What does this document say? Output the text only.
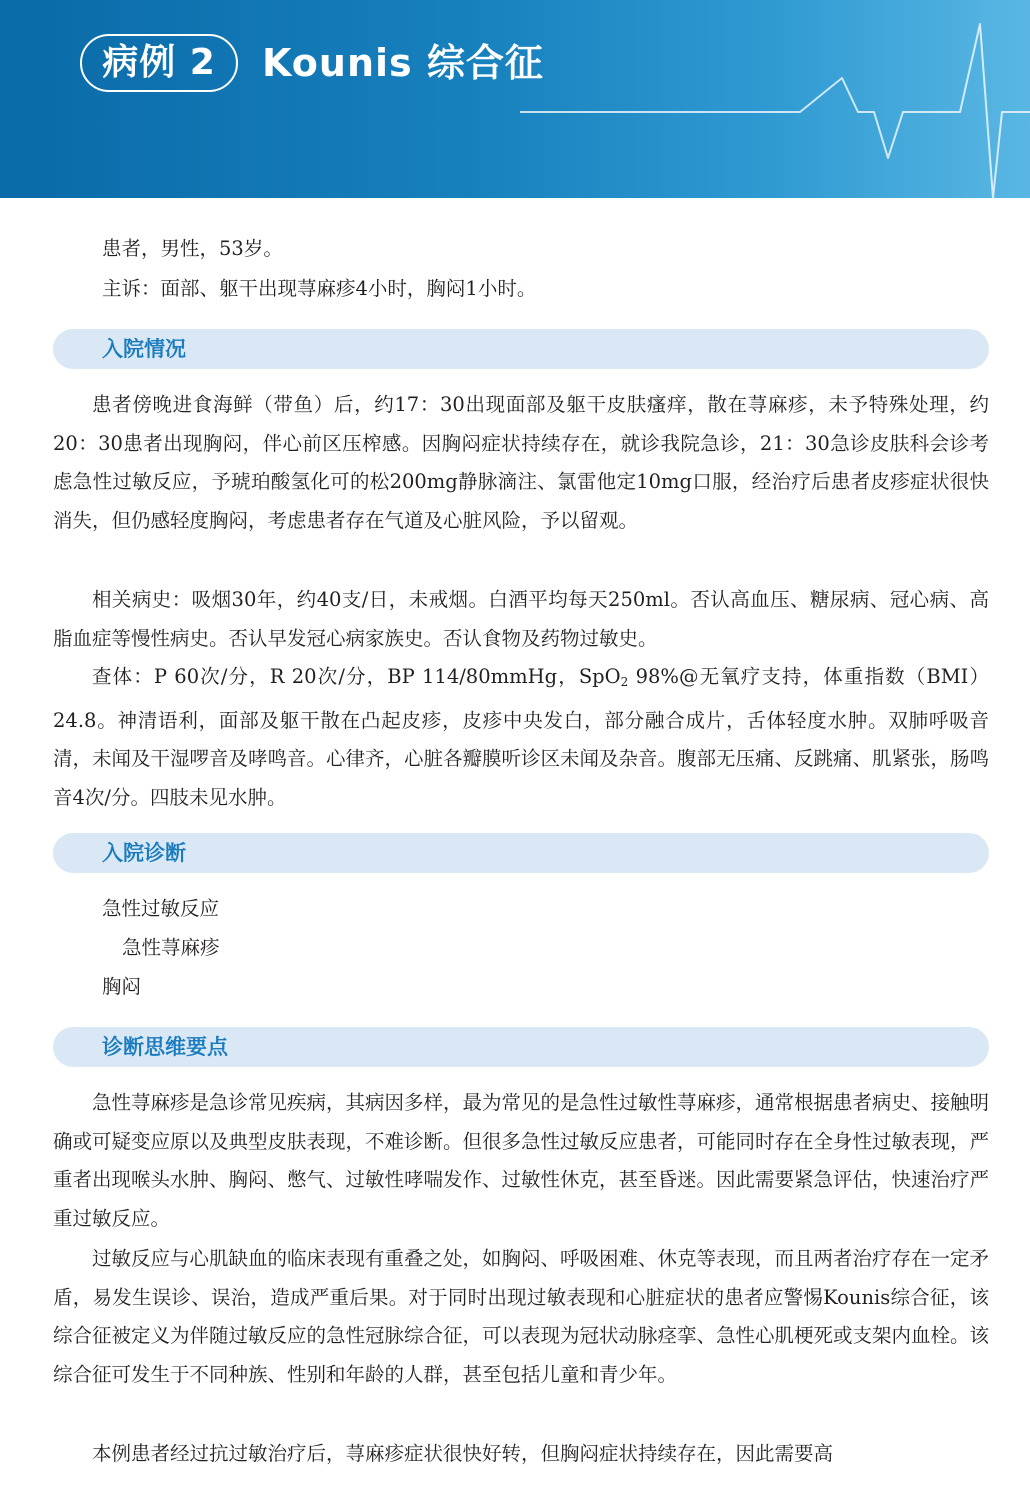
病例 2	Kounis 综合征
患者，男性，53岁。
主诉：面部、躯干出现荨麻疹4小时，胸闷1小时。
入院情况

患者傍晚进食海鲜（带鱼）后，约17：30出现面部及躯干皮肤瘙痒，散在荨麻疹，未予特殊处理，约20：30患者出现胸闷，伴心前区压榨感。因胸闷症状持续存在，就诊我院急诊，21：30急诊皮肤科会诊考虑急性过敏反应，予琥珀酸氢化可的松200mg静脉滴注、氯雷他定10mg口服，经治疗后患者皮疹症状很快消失，但仍感轻度胸闷，考虑患者存在气道及心脏风险，予以留观。

相关病史：吸烟30年，约40支/日，未戒烟。白酒平均每天250ml。否认高血压、糖尿病、冠心病、高脂血症等慢性病史。否认早发冠心病家族史。否认食物及药物过敏史。

查体：P 60次/分，R 20次/分，BP 114/80mmHg，SpO$_2$ 98%@无氧疗支持，体重指数（BMI）24.8。神清语利，面部及躯干散在凸起皮疹，皮疹中央发白，部分融合成片，舌体轻度水肿。双肺呼吸音清，未闻及干湿啰音及哮鸣音。心律齐，心脏各瓣膜听诊区未闻及杂音。腹部无压痛、反跳痛、肌紧张，肠鸣音4次/分。四肢未见水肿。

入院诊断
急性过敏反应
急性荨麻疹
胸闷
诊断思维要点

急性荨麻疹是急诊常见疾病，其病因多样，最为常见的是急性过敏性荨麻疹，通常根据患者病史、接触明确或可疑变应原以及典型皮肤表现，不难诊断。但很多急性过敏反应患者，可能同时存在全身性过敏表现，严重者出现喉头水肿、胸闷、憋气、过敏性哮喘发作、过敏性休克，甚至昏迷。因此需要紧急评估，快速治疗严重过敏反应。

过敏反应与心肌缺血的临床表现有重叠之处，如胸闷、呼吸困难、休克等表现，而且两者治疗存在一定矛盾，易发生误诊、误治，造成严重后果。对于同时出现过敏表现和心脏症状的患者应警惕Kounis综合征，该综合征被定义为伴随过敏反应的急性冠脉综合征，可以表现为冠状动脉痉挛、急性心肌梗死或支架内血栓。该综合征可发生于不同种族、性别和年龄的人群，甚至包括儿童和青少年。

本例患者经过抗过敏治疗后，荨麻疹症状很快好转，但胸闷症状持续存在，因此需要高
